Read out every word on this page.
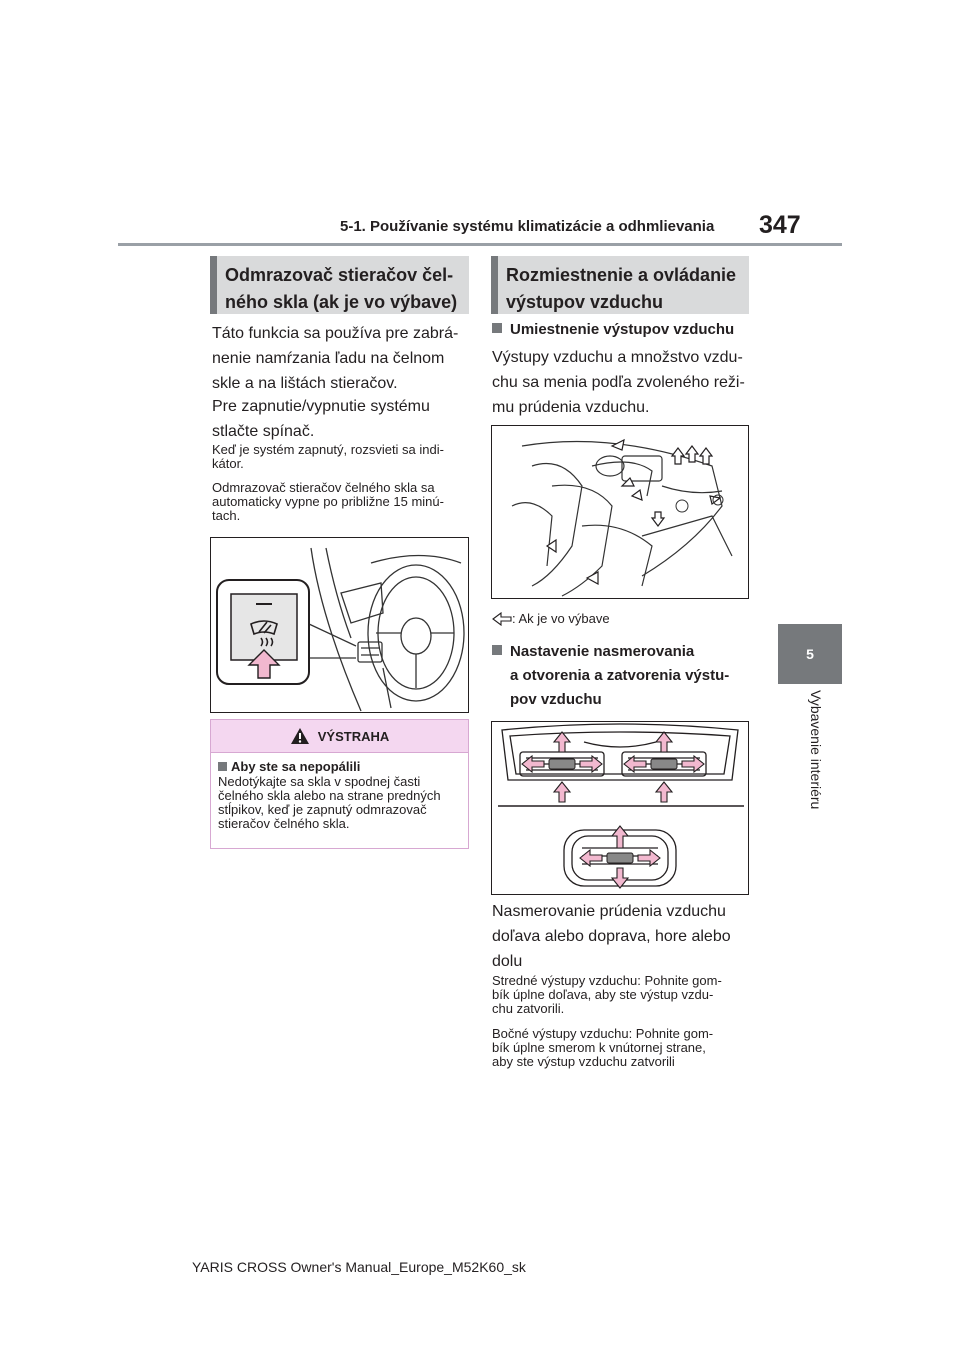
5-1. Používanie systému klimatizácie a odhmlievania 347
5
Vybavenie interiéru
Odmrazovač stieračov čel-
ného skla (ak je vo výbave)
Táto funkcia sa používa pre zabrá-
nenie namŕzania ľadu na čelnom
skle a na lištách stieračov.
Pre zapnutie/vypnutie systému
stlačte spínač.
Keď je systém zapnutý, rozsvieti sa indi-
kátor.
Odmrazovač stieračov čelného skla sa
automaticky vypne po približne 15 minú-
tach.
VÝSTRAHA
Aby ste sa nepopálili
Nedotýkajte sa skla v spodnej časti
čelného skla alebo na strane predných
stĺpikov, keď je zapnutý odmrazovač
stieračov čelného skla.
Rozmiestnenie a ovládanie
výstupov vzduchu
Umiestnenie výstupov vzduchu
Výstupy vzduchu a množstvo vzdu-
chu sa menia podľa zvoleného reži-
mu prúdenia vzduchu.
: Ak je vo výbave
Nastavenie nasmerovania
a otvorenia a zatvorenia výstu-
pov vzduchu
Nasmerovanie prúdenia vzduchu
doľava alebo doprava, hore alebo
dolu
Stredné výstupy vzduchu: Pohnite gom-
bík úplne doľava, aby ste výstup vzdu-
chu zatvorili.
Bočné výstupy vzduchu: Pohnite gom-
bík úplne smerom k vnútornej strane,
aby ste výstup vzduchu zatvorili
YARIS CROSS Owner's Manual_Europe_M52K60_sk
